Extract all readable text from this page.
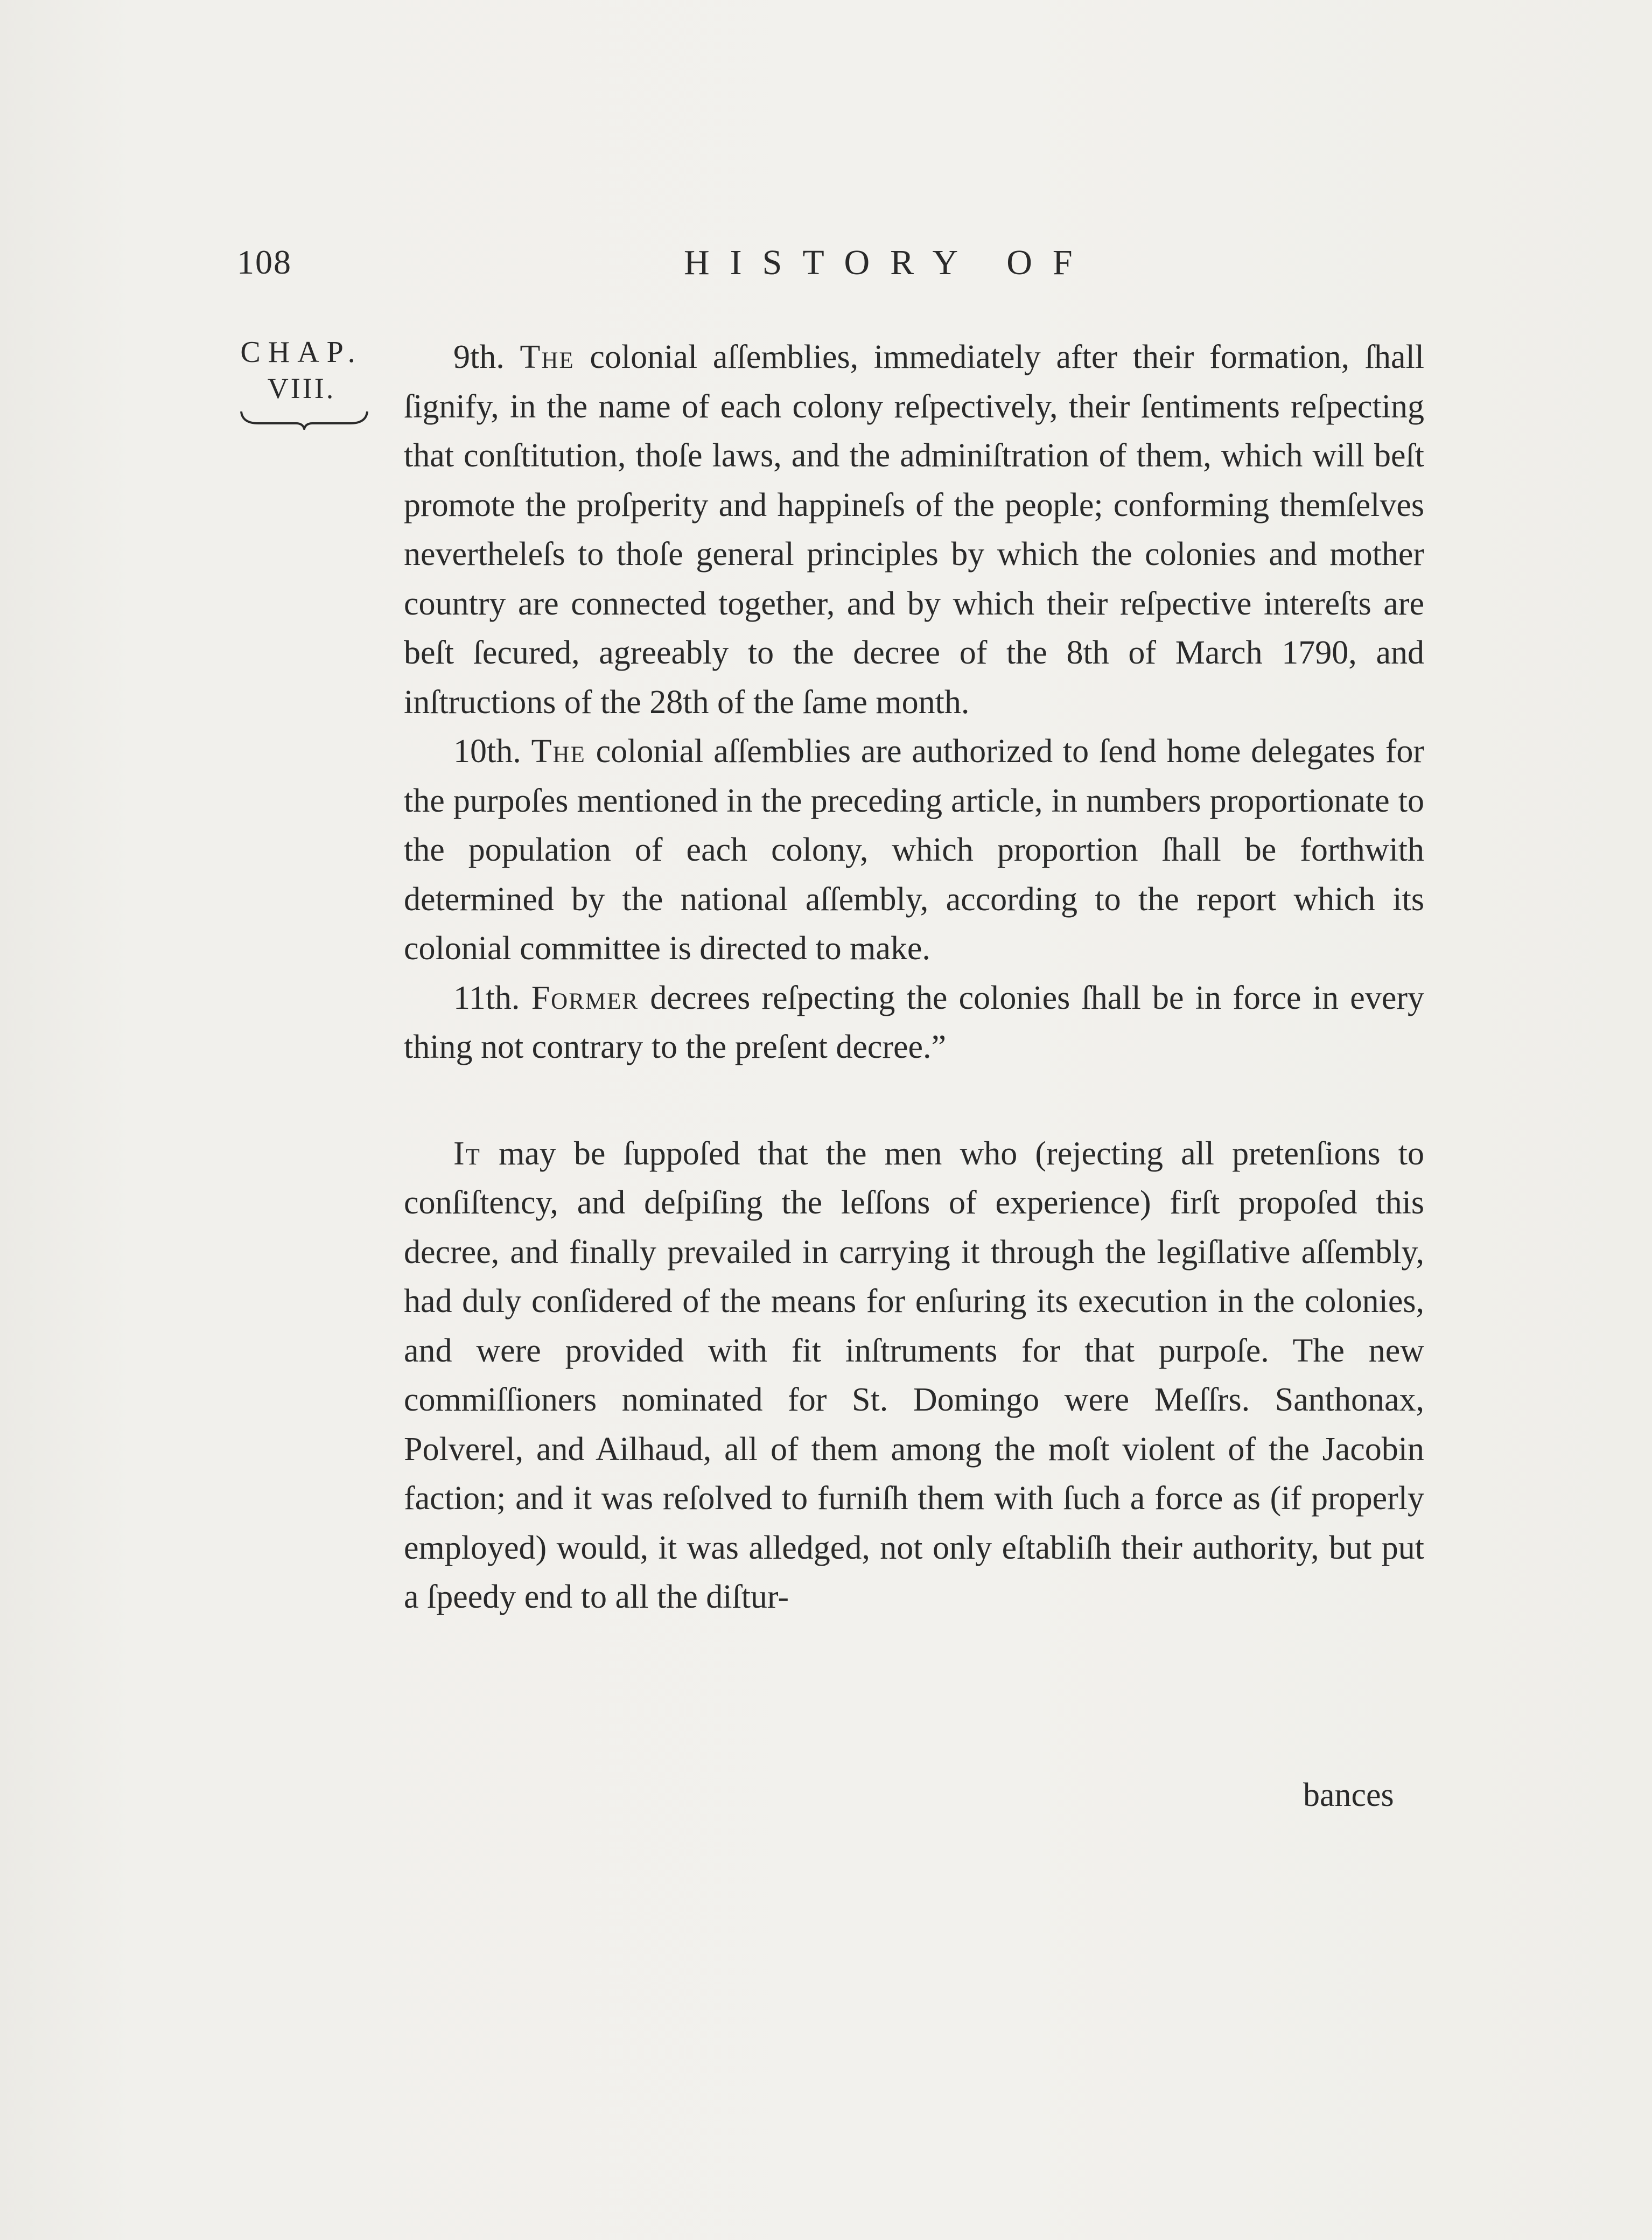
108	HISTORY OF
CHAP.
VIII.

9th. The colonial aſſemblies, immediately after their formation, ſhall ſignify, in the name of each colony reſpectively, their ſentiments reſpecting that conſtitution, thoſe laws, and the adminiſtration of them, which will beſt promote the proſperity and happineſs of the people; conforming themſelves nevertheleſs to thoſe general principles by which the colonies and mother country are connected together, and by which their reſpective intereſts are beſt ſecured, agreeably to the decree of the 8th of March 1790, and inſtructions of the 28th of the ſame month.

10th. The colonial aſſemblies are authorized to ſend home delegates for the purpoſes mentioned in the preceding article, in numbers proportionate to the population of each colony, which proportion ſhall be forthwith determined by the national aſſembly, according to the report which its colonial committee is directed to make.

11th. Former decrees reſpecting the colonies ſhall be in force in every thing not contrary to the preſent decree.”

It may be ſuppoſed that the men who (rejecting all pretenſions to conſiſtency, and deſpiſing the leſſons of experience) firſt propoſed this decree, and finally prevailed in carrying it through the legiſlative aſſembly, had duly conſidered of the means for enſuring its execution in the colonies, and were provided with fit inſtruments for that purpoſe. The new commiſſioners nominated for St. Domingo were Meſſrs. Santhonax, Polverel, and Ailhaud, all of them among the moſt violent of the Jacobin faction; and it was reſolved to furniſh them with ſuch a force as (if properly employed) would, it was alledged, not only eſtabliſh their authority, but put a ſpeedy end to all the diſtur-

bances
